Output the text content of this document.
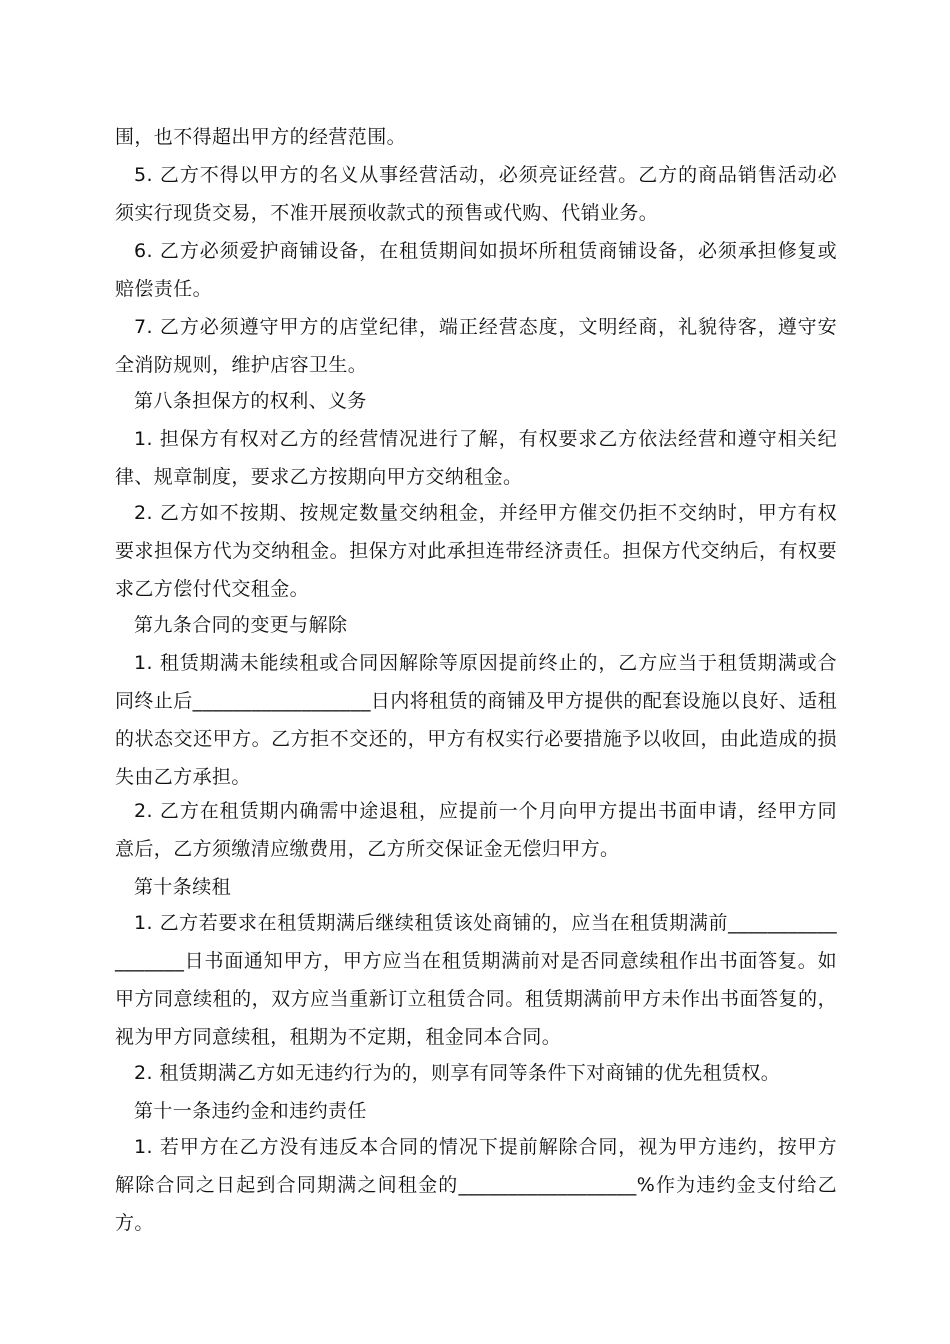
围，也不得超出甲方的经营范围。

5. 乙方不得以甲方的名义从事经营活动，必须亮证经营。乙方的商品销售活动必须实行现货交易，不准开展预收款式的预售或代购、代销业务。

6. 乙方必须爱护商铺设备，在租赁期间如损坏所租赁商铺设备，必须承担修复或赔偿责任。

7. 乙方必须遵守甲方的店堂纪律，端正经营态度，文明经商，礼貌待客，遵守安全消防规则，维护店容卫生。

第八条担保方的权利、义务

1. 担保方有权对乙方的经营情况进行了解，有权要求乙方依法经营和遵守相关纪律、规章制度，要求乙方按期向甲方交纳租金。

2. 乙方如不按期、按规定数量交纳租金，并经甲方催交仍拒不交纳时，甲方有权要求担保方代为交纳租金。担保方对此承担连带经济责任。担保方代交纳后，有权要求乙方偿付代交租金。

第九条合同的变更与解除

1. 租赁期满未能续租或合同因解除等原因提前终止的，乙方应当于租赁期满或合同终止后__________________日内将租赁的商铺及甲方提供的配套设施以良好、适租的状态交还甲方。乙方拒不交还的，甲方有权实行必要措施予以收回，由此造成的损失由乙方承担。

2. 乙方在租赁期内确需中途退租，应提前一个月向甲方提出书面申请，经甲方同意后，乙方须缴清应缴费用，乙方所交保证金无偿归甲方。

第十条续租

1. 乙方若要求在租赁期满后继续租赁该处商铺的，应当在租赁期满前__________________日书面通知甲方，甲方应当在租赁期满前对是否同意续租作出书面答复。如甲方同意续租的，双方应当重新订立租赁合同。租赁期满前甲方未作出书面答复的，视为甲方同意续租，租期为不定期，租金同本合同。

2. 租赁期满乙方如无违约行为的，则享有同等条件下对商铺的优先租赁权。

第十一条违约金和违约责任

1. 若甲方在乙方没有违反本合同的情况下提前解除合同，视为甲方违约，按甲方解除合同之日起到合同期满之间租金的__________________%作为违约金支付给乙方。
